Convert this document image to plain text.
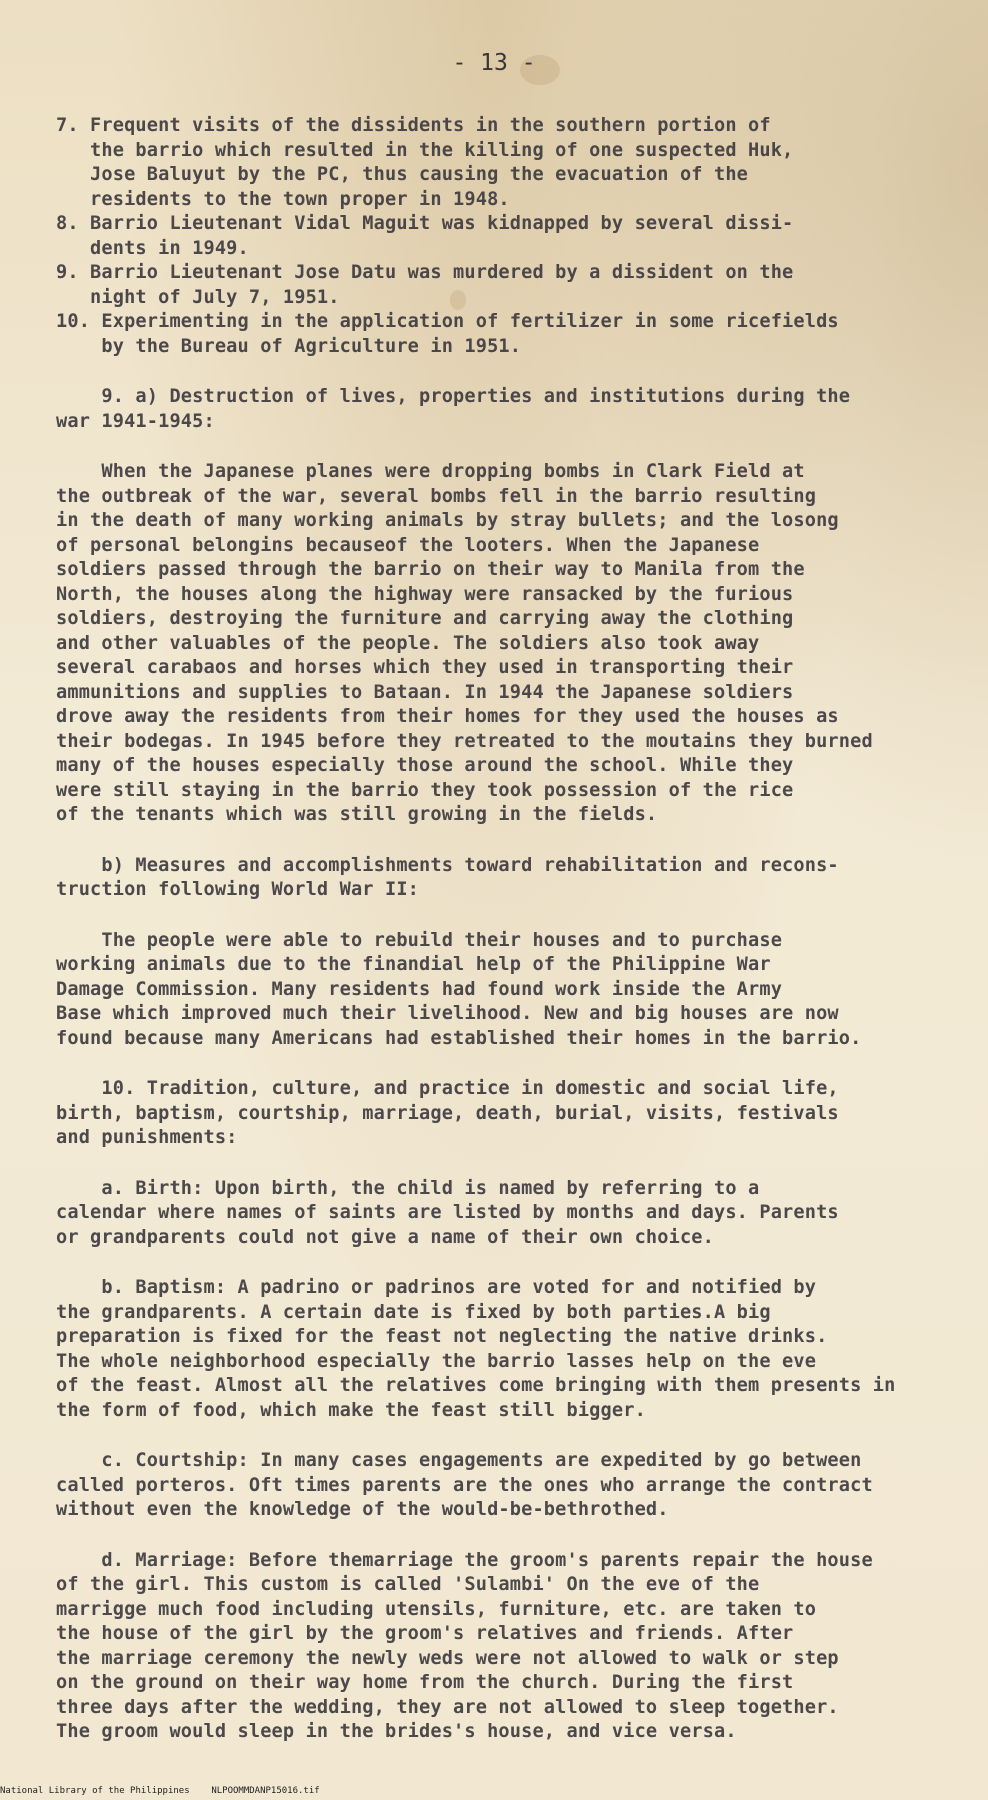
- 13 -
7. Frequent visits of the dissidents in the southern portion of
the barrio which resulted in the killing of one suspected Huk,
Jose Baluyut by the PC, thus causing the evacuation of the
residents to the town proper in 1948.
8. Barrio Lieutenant Vidal Maguit was kidnapped by several dissi-
dents in 1949.
9. Barrio Lieutenant Jose Datu was murdered by a dissident on the
night of July 7, 1951.
10. Experimenting in the application of fertilizer in some ricefields
by the Bureau of Agriculture in 1951.
9. a) Destruction of lives, properties and institutions during the
war 1941-1945:
When the Japanese planes were dropping bombs in Clark Field at
the outbreak of the war, several bombs fell in the barrio resulting
in the death of many working animals by stray bullets; and the losong
of personal belongins becauseof the looters. When the Japanese
soldiers passed through the barrio on their way to Manila from the
North, the houses along the highway were ransacked by the furious
soldiers, destroying the furniture and carrying away the clothing
and other valuables of the people. The soldiers also took away
several carabaos and horses which they used in transporting their
ammunitions and supplies to Bataan. In 1944 the Japanese soldiers
drove away the residents from their homes for they used the houses as
their bodegas. In 1945 before they retreated to the moutains they burned
many of the houses especially those around the school. While they
were still staying in the barrio they took possession of the rice
of the tenants which was still growing in the fields.
b) Measures and accomplishments toward rehabilitation and recons-
truction following World War II:
The people were able to rebuild their houses and to purchase
working animals due to the finandial help of the Philippine War
Damage Commission. Many residents had found work inside the Army
Base which improved much their livelihood. New and big houses are now
found because many Americans had established their homes in the barrio.
10. Tradition, culture, and practice in domestic and social life,
birth, baptism, courtship, marriage, death, burial, visits, festivals
and punishments:
a. Birth: Upon birth, the child is named by referring to a
calendar where names of saints are listed by months and days. Parents
or grandparents could not give a name of their own choice.
b. Baptism: A padrino or padrinos are voted for and notified by
the grandparents. A certain date is fixed by both parties.A big
preparation is fixed for the feast not neglecting the native drinks.
The whole neighborhood especially the barrio lasses help on the eve
of the feast. Almost all the relatives come bringing with them presents in
the form of food, which make the feast still bigger.
c. Courtship: In many cases engagements are expedited by go between
called porteros. Oft times parents are the ones who arrange the contract
without even the knowledge of the would-be-bethrothed.
d. Marriage: Before themarriage the groom's parents repair the house
of the girl. This custom is called 'Sulambi' On the eve of the
marrigge much food including utensils, furniture, etc. are taken to
the house of the girl by the groom's relatives and friends. After
the marriage ceremony the newly weds were not allowed to walk or step
on the ground on their way home from the church. During the first
three days after the wedding, they are not allowed to sleep together.
The groom would sleep in the brides's house, and vice versa.
National Library of the Philippines    NLPOOMMDANP15016.tif
